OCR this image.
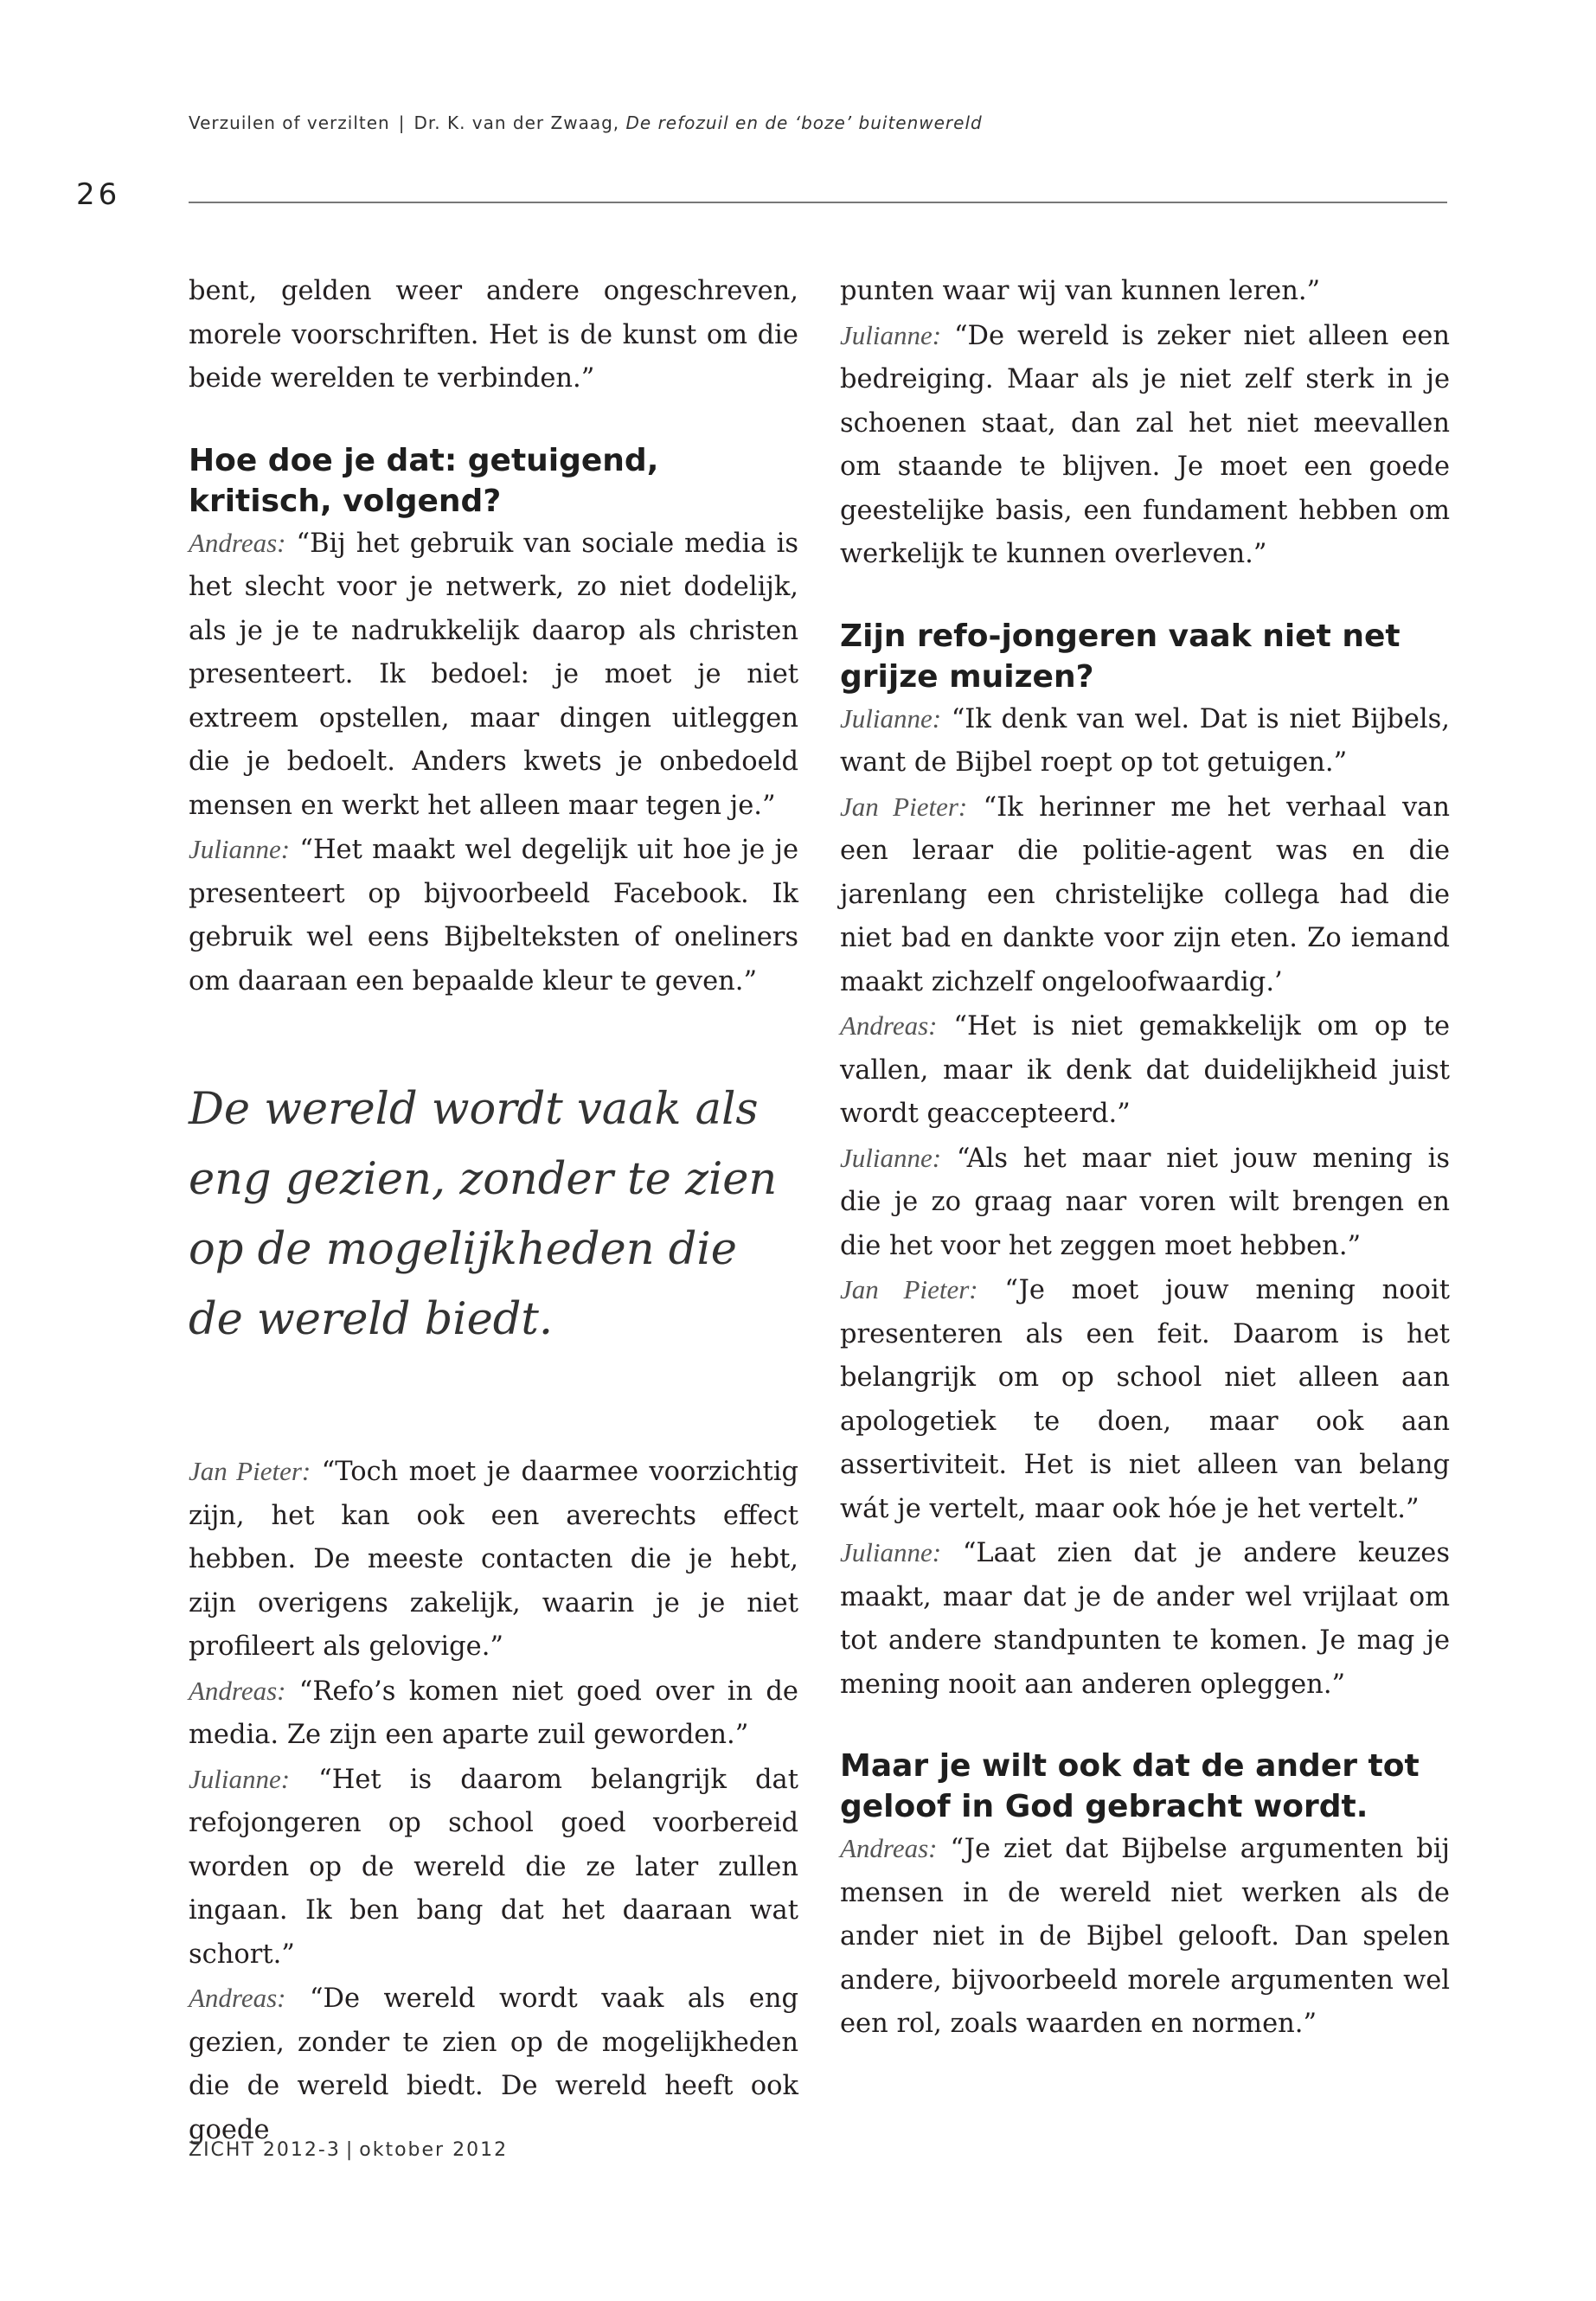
Verzuilen of verzilten | Dr. K. van der Zwaag, De refozuil en de ‘boze’ buitenwereld
26

bent, gelden weer andere ongeschreven, morele voorschriften. Het is de kunst om die beide werelden te verbinden.”

Hoe doe je dat: getuigend, kritisch, volgend?

Andreas: “Bij het gebruik van sociale media is het slecht voor je netwerk, zo niet dodelijk, als je je te nadrukkelijk daarop als christen presenteert. Ik bedoel: je moet je niet extreem opstellen, maar dingen uitleggen die je bedoelt. Anders kwets je onbedoeld mensen en werkt het alleen maar tegen je.”

Julianne: “Het maakt wel degelijk uit hoe je je presenteert op bijvoorbeeld Facebook. Ik gebruik wel eens Bijbelteksten of oneliners om daaraan een bepaalde kleur te geven.”

De wereld wordt vaak als eng gezien, zonder te zien op de mogelijkheden die de wereld biedt.

Jan Pieter: “Toch moet je daarmee voorzichtig zijn, het kan ook een averechts effect hebben. De meeste contacten die je hebt, zijn overigens zakelijk, waarin je je niet profileert als gelovige.”

Andreas: “Refo’s komen niet goed over in de media. Ze zijn een aparte zuil geworden.”

Julianne: “Het is daarom belangrijk dat refojongeren op school goed voorbereid worden op de wereld die ze later zullen ingaan. Ik ben bang dat het daaraan wat schort.”

Andreas: “De wereld wordt vaak als eng gezien, zonder te zien op de mogelijkheden die de wereld biedt. De wereld heeft ook goede

punten waar wij van kunnen leren.”

Julianne: “De wereld is zeker niet alleen een bedreiging. Maar als je niet zelf sterk in je schoenen staat, dan zal het niet meevallen om staande te blijven. Je moet een goede geestelijke basis, een fundament hebben om werkelijk te kunnen overleven.”

Zijn refo-jongeren vaak niet net grijze muizen?

Julianne: “Ik denk van wel. Dat is niet Bijbels, want de Bijbel roept op tot getuigen.”

Jan Pieter: “Ik herinner me het verhaal van een leraar die politie-agent was en die jarenlang een christelijke collega had die niet bad en dankte voor zijn eten. Zo iemand maakt zichzelf ongeloofwaardig.’

Andreas: “Het is niet gemakkelijk om op te vallen, maar ik denk dat duidelijkheid juist wordt geaccepteerd.”

Julianne: “Als het maar niet jouw mening is die je zo graag naar voren wilt brengen en die het voor het zeggen moet hebben.”

Jan Pieter: “Je moet jouw mening nooit presenteren als een feit. Daarom is het belangrijk om op school niet alleen aan apologetiek te doen, maar ook aan assertiviteit. Het is niet alleen van belang wát je vertelt, maar ook hóe je het vertelt.”

Julianne: “Laat zien dat je andere keuzes maakt, maar dat je de ander wel vrijlaat om tot andere standpunten te komen. Je mag je mening nooit aan anderen opleggen.”

Maar je wilt ook dat de ander tot geloof in God gebracht wordt.

Andreas: “Je ziet dat Bijbelse argumenten bij mensen in de wereld niet werken als de ander niet in de Bijbel gelooft. Dan spelen andere, bijvoorbeeld morele argumenten wel een rol, zoals waarden en normen.”

ZICHT 2012-3 | oktober 2012
